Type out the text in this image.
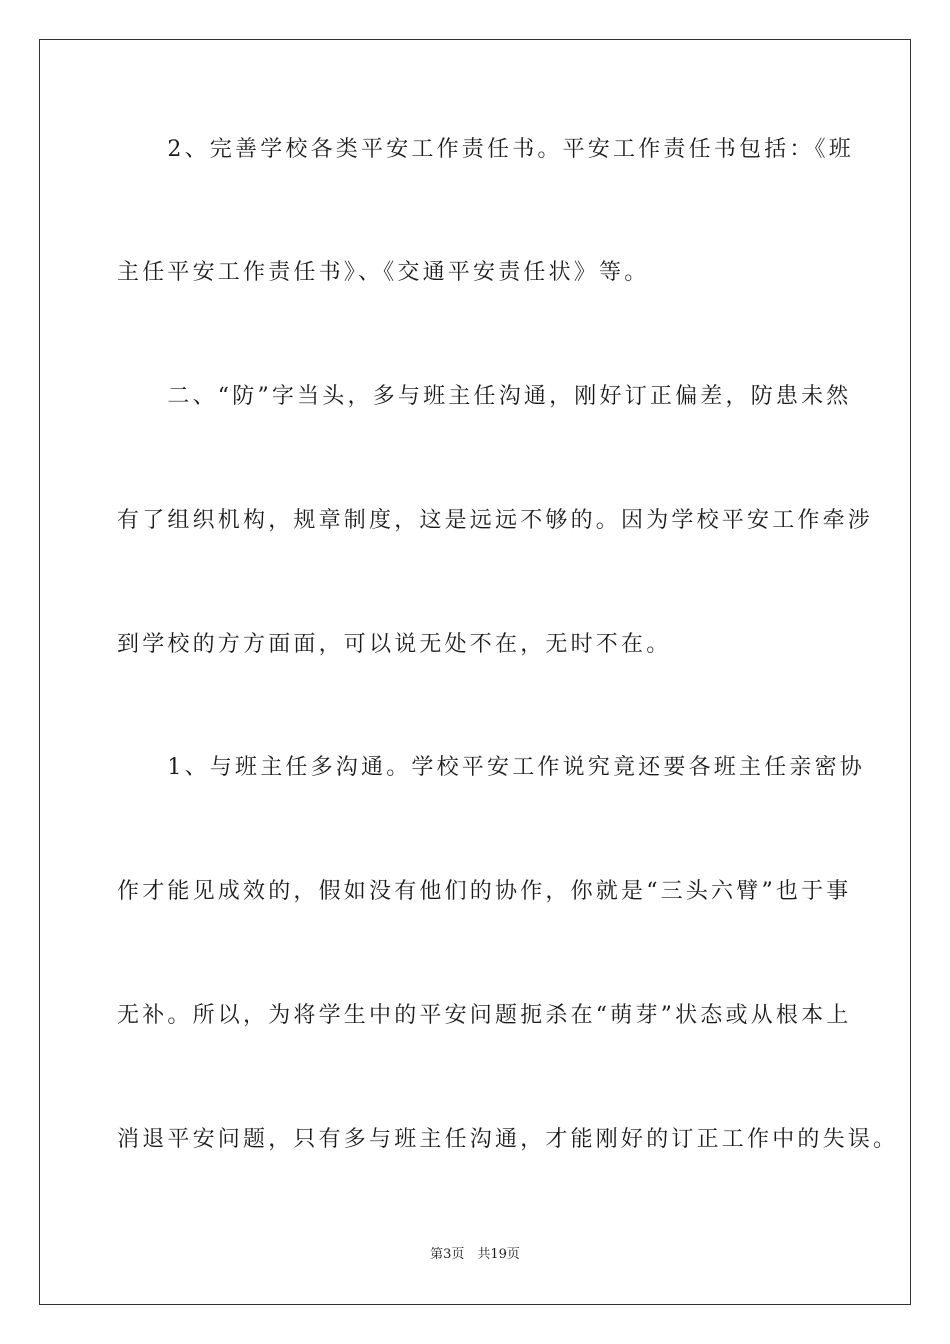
　　2、完善学校各类平安工作责任书。平安工作责任书包括：《班
主任平安工作责任书》、《交通平安责任状》等。
　　二、“防”字当头，多与班主任沟通，刚好订正偏差，防患未然
有了组织机构，规章制度，这是远远不够的。因为学校平安工作牵涉
到学校的方方面面，可以说无处不在，无时不在。
　　1、与班主任多沟通。学校平安工作说究竟还要各班主任亲密协
作才能见成效的，假如没有他们的协作，你就是“三头六臂”也于事
无补。所以，为将学生中的平安问题扼杀在“萌芽”状态或从根本上
消退平安问题，只有多与班主任沟通，才能刚好的订正工作中的失误。
第3页　共19页
